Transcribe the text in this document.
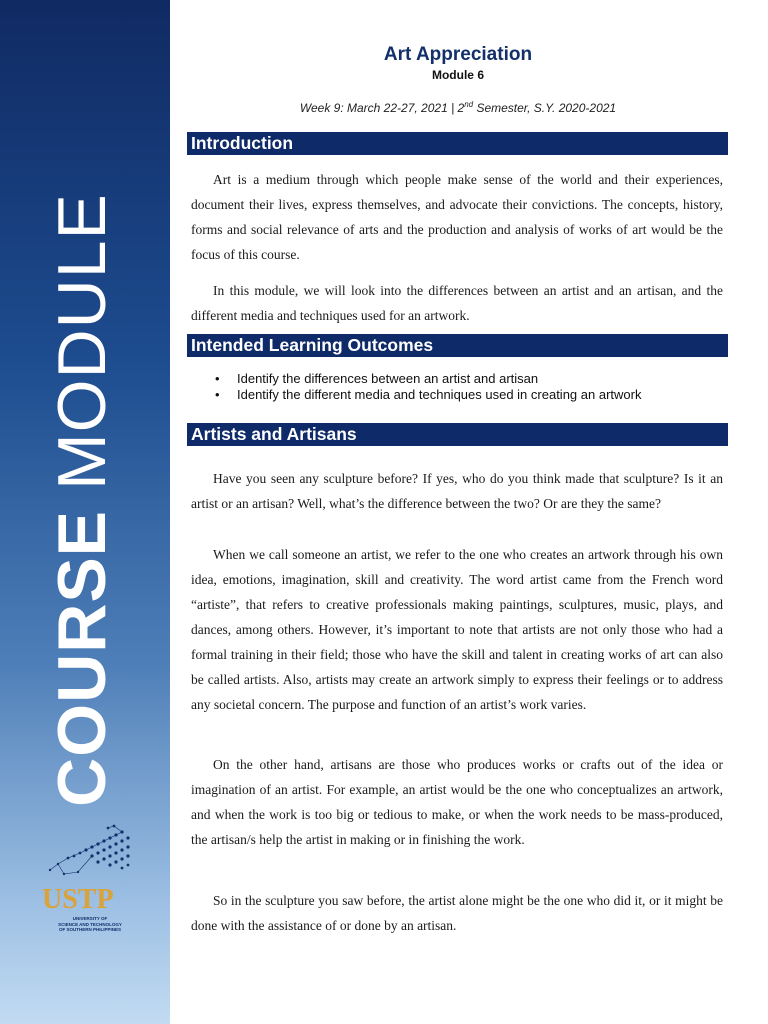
COURSE MODULE
USTP
UNIVERSITY OF
SCIENCE AND TECHNOLOGY
OF SOUTHERN PHILIPPINES
Art Appreciation
Module 6
Week 9: March 22-27, 2021 | 2nd Semester, S.Y. 2020-2021
Introduction

Art is a medium through which people make sense of the world and their experiences, document their lives, express themselves, and advocate their convictions. The concepts, history, forms and social relevance of arts and the production and analysis of works of art would be the focus of this course.

In this module, we will look into the differences between an artist and an artisan, and the different media and techniques used for an artwork.

Intended Learning Outcomes
• Identify the differences between an artist and artisan
• Identify the different media and techniques used in creating an artwork
Artists and Artisans

Have you seen any sculpture before? If yes, who do you think made that sculpture? Is it an artist or an artisan? Well, what’s the difference between the two? Or are they the same?

When we call someone an artist, we refer to the one who creates an artwork through his own idea, emotions, imagination, skill and creativity. The word artist came from the French word “artiste”, that refers to creative professionals making paintings, sculptures, music, plays, and dances, among others. However, it’s important to note that artists are not only those who had a formal training in their field; those who have the skill and talent in creating works of art can also be called artists. Also, artists may create an artwork simply to express their feelings or to address any societal concern. The purpose and function of an artist’s work varies.

On the other hand, artisans are those who produces works or crafts out of the idea or imagination of an artist. For example, an artist would be the one who conceptualizes an artwork, and when the work is too big or tedious to make, or when the work needs to be mass-produced, the artisan/s help the artist in making or in finishing the work.

So in the sculpture you saw before, the artist alone might be the one who did it, or it might be done with the assistance of or done by an artisan.
